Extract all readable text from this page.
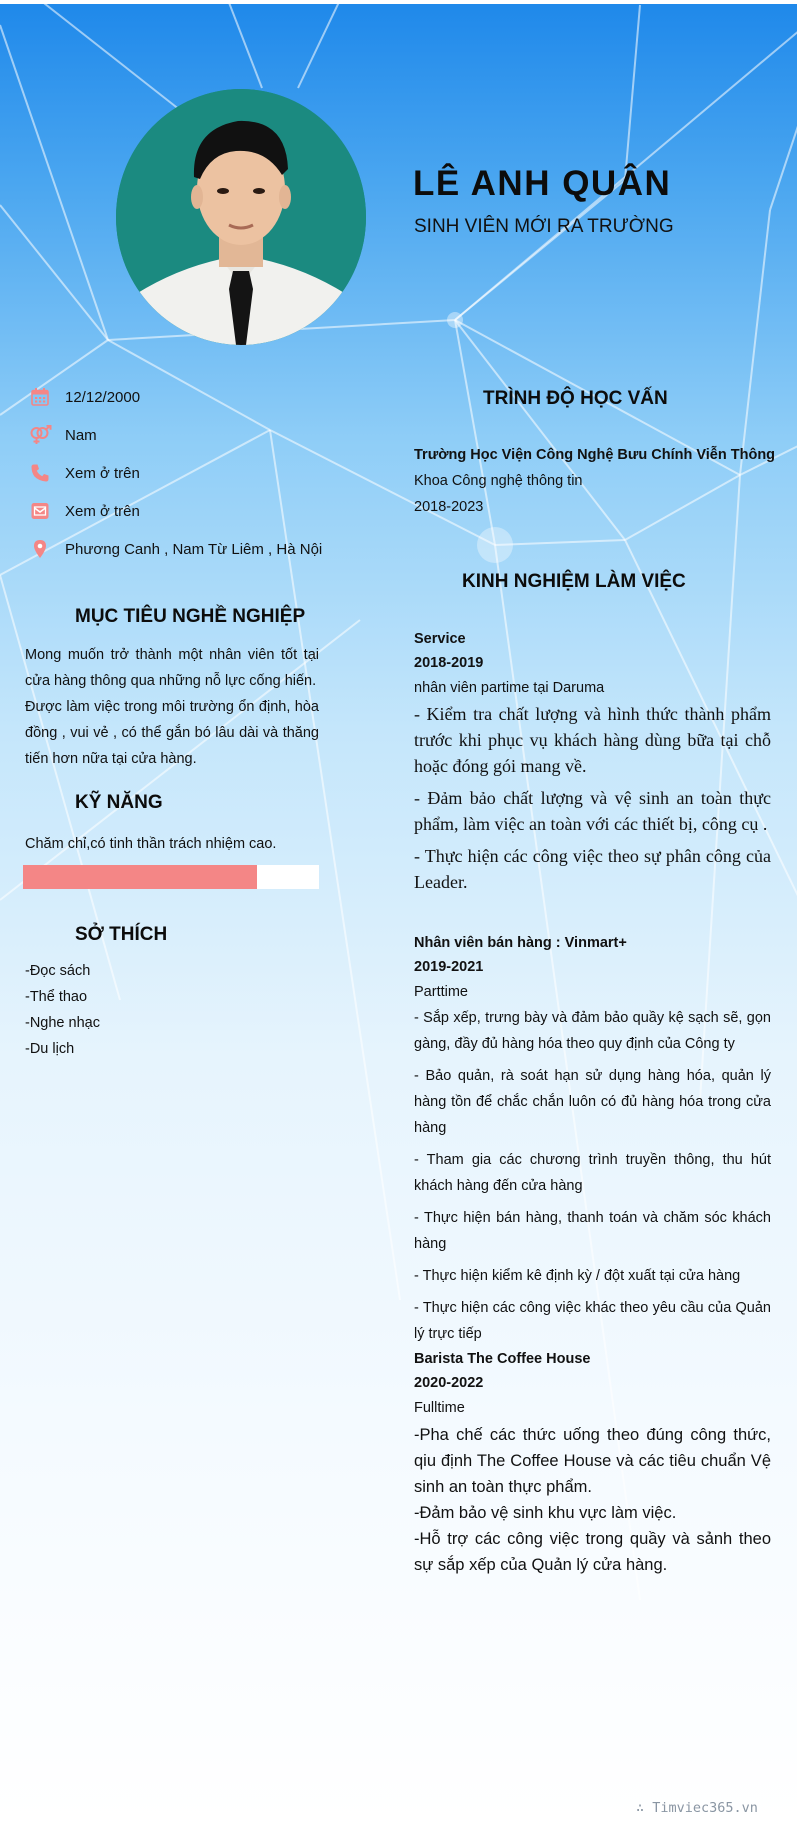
LÊ ANH QUÂN
SINH VIÊN MỚI RA TRƯỜNG
12/12/2000
Nam
Xem ở trên
Xem ở trên
Phương Canh , Nam Từ Liêm , Hà Nội
MỤC TIÊU NGHỀ NGHIỆP

Mong muốn trở thành một nhân viên tốt tại cửa hàng thông qua những nỗ lực cống hiến.

Được làm việc trong môi trường ổn định, hòa đồng , vui vẻ , có thể gắn bó lâu dài và thăng tiến hơn nữa tại cửa hàng.

KỸ NĂNG
Chăm chỉ,có tinh thần trách nhiệm cao.
SỞ THÍCH
-Đọc sách
-Thể thao
-Nghe nhạc
-Du lịch
TRÌNH ĐỘ HỌC VẤN
Trường Học Viện Công Nghệ Bưu Chính Viễn Thông
Khoa Công nghệ thông tin
2018-2023
KINH NGHIỆM LÀM VIỆC
Service
2018-2019
nhân viên partime tại Daruma

- Kiểm tra chất lượng và hình thức thành phẩm trước khi phục vụ khách hàng dùng bữa tại chỗ hoặc đóng gói mang về.

- Đảm bảo chất lượng và vệ sinh an toàn thực phẩm, làm việc an toàn với các thiết bị, công cụ .

- Thực hiện các công việc theo sự phân công của Leader.

Nhân viên bán hàng : Vinmart+
2019-2021
Parttime

- Sắp xếp, trưng bày và đảm bảo quầy kệ sạch sẽ, gọn gàng, đầy đủ hàng hóa theo quy định của Công ty

- Bảo quản, rà soát hạn sử dụng hàng hóa, quản lý hàng tồn để chắc chắn luôn có đủ hàng hóa trong cửa hàng

- Tham gia các chương trình truyền thông, thu hút khách hàng đến cửa hàng

- Thực hiện bán hàng, thanh toán và chăm sóc khách hàng

- Thực hiện kiểm kê định kỳ / đột xuất tại cửa hàng

- Thực hiện các công việc khác theo yêu cầu của Quản lý trực tiếp

Barista The Coffee House
2020-2022
Fulltime

-Pha chế các thức uống theo đúng công thức, qiu định The Coffee House và các tiêu chuẩn Vệ sinh an toàn thực phẩm.

-Đảm bảo vệ sinh khu vực làm việc.

-Hỗ trợ các công việc trong quầy và sảnh theo sự sắp xếp của Quản lý cửa hàng.

∴ Timviec365.vn
